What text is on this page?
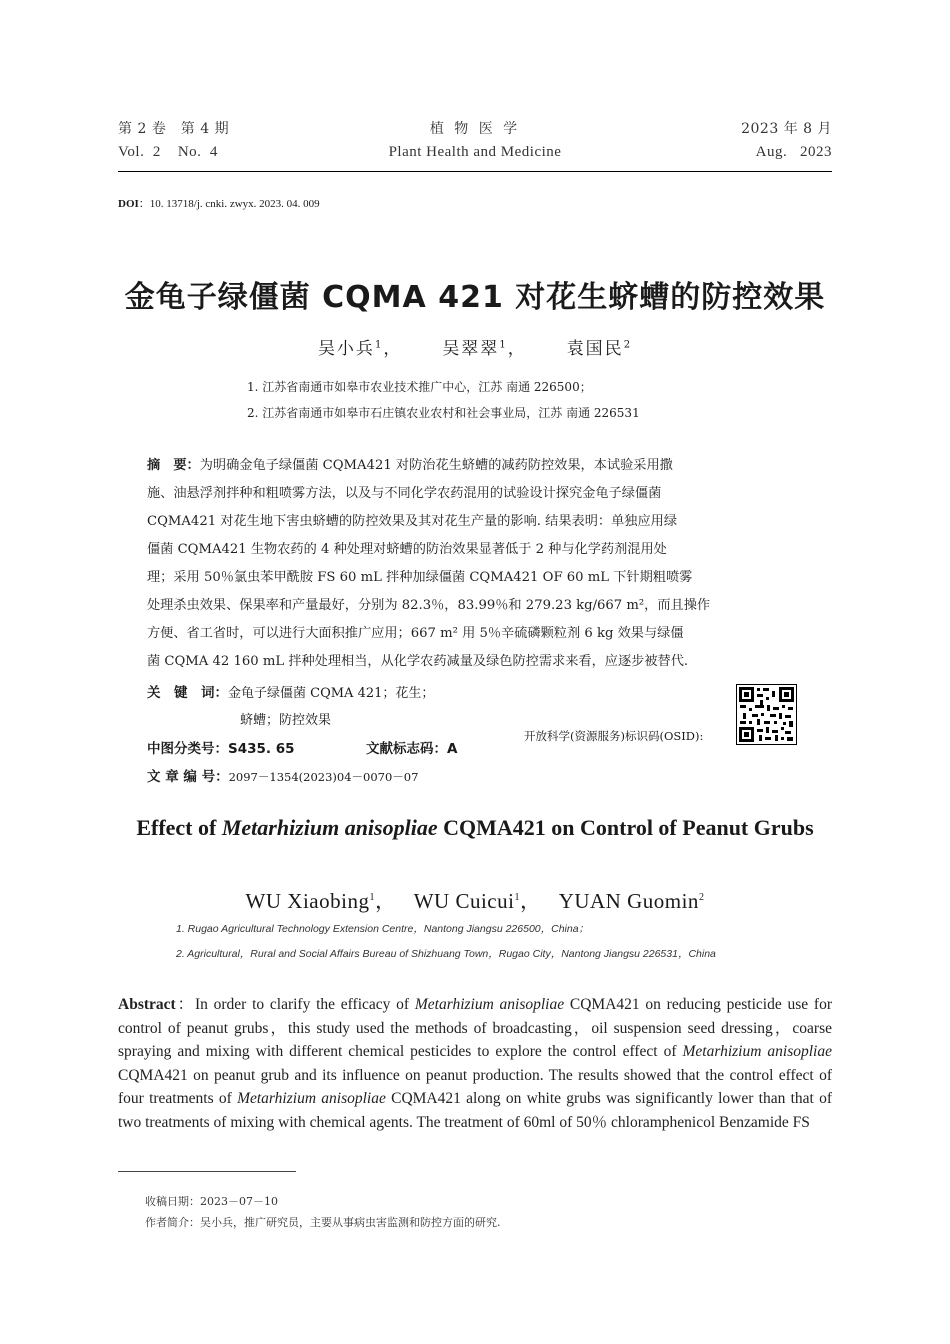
第 2 卷　第 4 期	植 物 医 学	2023 年 8 月
Vol.  2    No.  4	Plant Health and Medicine	Aug.   2023
DOI：10. 13718/j. cnki. zwyx. 2023. 04. 009
金龟子绿僵菌 CQMA 421 对花生蛴螬的防控效果
吴小兵$^1$， 吴翠翠$^1$， 袁国民$^2$
1. 江苏省南通市如皋市农业技术推广中心，江苏 南通 226500；
2. 江苏省南通市如皋市石庄镇农业农村和社会事业局，江苏 南通 226531
摘　要：为明确金龟子绿僵菌 CQMA421 对防治花生蛴螬的减药防控效果，本试验采用撒
施、油悬浮剂拌种和粗喷雾方法，以及与不同化学农药混用的试验设计探究金龟子绿僵菌
CQMA421 对花生地下害虫蛴螬的防控效果及其对花生产量的影响. 结果表明：单独应用绿
僵菌 CQMA421 生物农药的 4 种处理对蛴螬的防治效果显著低于 2 种与化学药剂混用处
理；采用 50％氯虫苯甲酰胺 FS 60 mL 拌种加绿僵菌 CQMA421 OF 60 mL 下针期粗喷雾
处理杀虫效果、保果率和产量最好，分别为 82.3％，83.99％和 279.23 kg/667 m²，而且操作
方便、省工省时，可以进行大面积推广应用；667 m² 用 5％辛硫磷颗粒剂 6 kg 效果与绿僵
菌 CQMA 42 160 mL 拌种处理相当，从化学农药减量及绿色防控需求来看，应逐步被替代.
关　键　词：金龟子绿僵菌 CQMA 421；花生；
蛴螬；防控效果
中图分类号：S435. 65	文献标志码：A
文 章 编 号：2097－1354(2023)04－0070－07
开放科学(资源服务)标识码(OSID):
Effect of Metarhizium anisopliae CQMA421 on Control of Peanut Grubs
WU Xiaobing$^1$， WU Cuicui$^1$， YUAN Guomin$^2$
1. Rugao Agricultural Technology Extension Centre，Nantong Jiangsu 226500，China；
2. Agricultural，Rural and Social Affairs Bureau of Shizhuang Town，Rugao City，Nantong Jiangsu 226531，China
Abstract：In order to clarify the efficacy of Metarhizium anisopliae CQMA421 on reducing pesticide use for control of peanut grubs，this study used the methods of broadcasting，oil suspension seed dressing，coarse spraying and mixing with different chemical pesticides to explore the control effect of Metarhizium anisopliae CQMA421 on peanut grub and its influence on peanut production. The results showed that the control effect of four treatments of Metarhizium anisopliae CQMA421 along on white grubs was significantly lower than that of two treatments of mixing with chemical agents. The treatment of 60ml of 50％ chloramphenicol Benzamide FS
收稿日期：2023－07－10
作者简介：吴小兵，推广研究员，主要从事病虫害监测和防控方面的研究.
